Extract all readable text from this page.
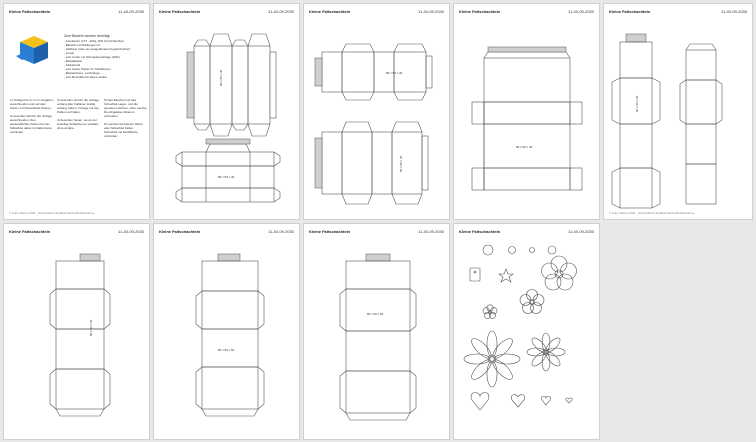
Kleine Faltschachteln	11-40-09-2030
Zum Basteln werden benötigt:
- Fotokarton (170 - 300g, DIN A4 (Schachtel)
- Bleistift und Radiergummi
- Falzbein (oder ein ausgedientes Kugelschreiber)
- Lineal
- evtl. Cutter mit Schneideunterlage (Hilfe)
- Bastelkleber
- Klebeband
- evtl. festes Papier für Schablonen
- Bastelschere, Lochzange, ...
- evtl. Buntstifte für kleine Artikel
1) Vorlage bis zu 3 mm Zugaben ausschneiden und auf dem Karton mit Papierklebe fixieren.
2) Ausrollen (durch) die Vorlage ausschneiden. Den passendfarben Falzen bei der Schachtel dabei im Faltprozess verbinden.
3) Ausrollen (durch) die Vorlage entlang aller Faltlinien kraftig entlang ziehen. Vorlage mit den Paßton auf falten.
4) Ausrollen Seiten, wo es der jeweilige Schachtel an verklebt-ohne andere.
5) Das Bauchern ist das Schachtel Lagen, und die grossten Laschen, ohne Lasche. Die Abgeleiten Ebenen schneiden.
6) Laschen bei kleinen Werte oder Schachtel Falten, Schachtel mit Deckfläche verbinden.
© Anne Reiter 2030 · kreativfaltmir.de/faltschachtel/Faltanleitung
Kleine Faltschachteln	11-40-09-2030
80 x 50 x 30
80 x 50 x 30
Kleine Faltschachteln	11-40-09-2030
80 x 50 x 30
50 x 50 x 30
Kleine Faltschachteln	11-40-09-2030
80 x 50 x 30
Kleine Faltschachteln	11-40-09-2030
50 x 50 x 50
© Anne Reiter 2030 · kreativfaltmir.de/faltschachtel/Faltanleitung
Kleine Faltschachteln	11-40-09-2030
80 x 50 x 50
Kleine Faltschachteln	11-40-09-2030
80 x 50 x 50
Kleine Faltschachteln	11-40-09-2030
80 x 50 x 50
Kleine Faltschachteln	11-40-09-2030
